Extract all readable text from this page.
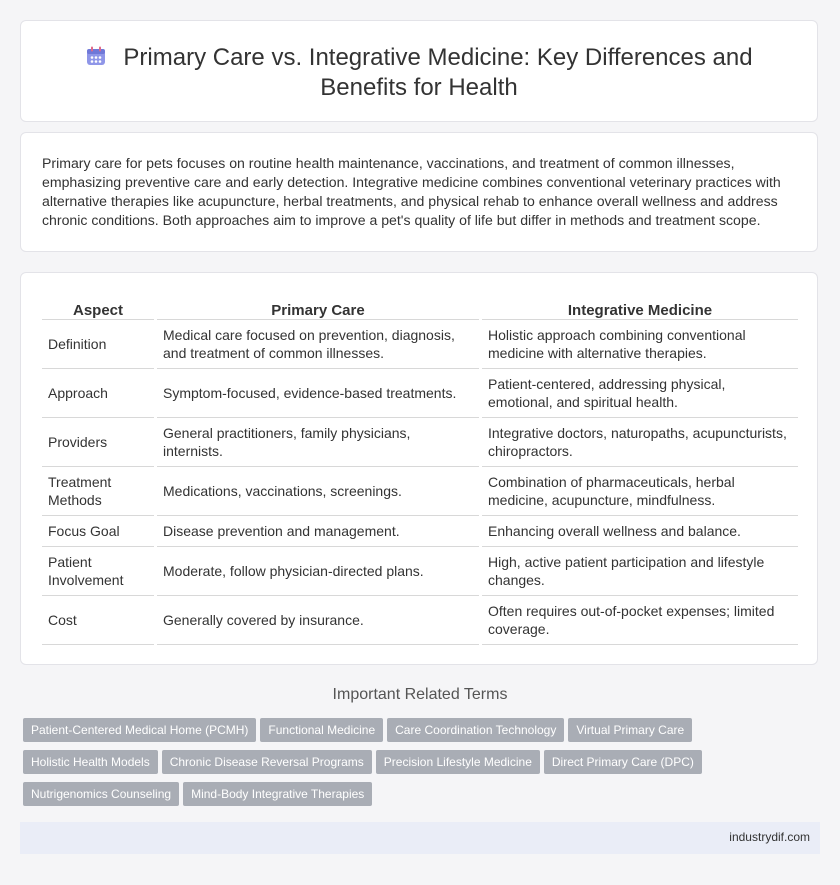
Primary Care vs. Integrative Medicine: Key Differences and Benefits for Health

Primary care for pets focuses on routine health maintenance, vaccinations, and treatment of common illnesses, emphasizing preventive care and early detection. Integrative medicine combines conventional veterinary practices with alternative therapies like acupuncture, herbal treatments, and physical rehab to enhance overall wellness and address chronic conditions. Both approaches aim to improve a pet's quality of life but differ in methods and treatment scope.

Aspect		Primary Care		Integrative Medicine
Definition		Medical care focused on prevention, diagnosis, and treatment of common illnesses.		Holistic approach combining conventional medicine with alternative therapies.
Approach		Symptom-focused, evidence-based treatments.		Patient-centered, addressing physical, emotional, and spiritual health.
Providers		General practitioners, family physicians, internists.		Integrative doctors, naturopaths, acupuncturists, chiropractors.
Treatment Methods		Medications, vaccinations, screenings.		Combination of pharmaceuticals, herbal medicine, acupuncture, mindfulness.
Focus Goal		Disease prevention and management.		Enhancing overall wellness and balance.
Patient Involvement		Moderate, follow physician-directed plans.		High, active patient participation and lifestyle changes.
Cost		Generally covered by insurance.		Often requires out-of-pocket expenses; limited coverage.
Important Related Terms
Patient-Centered Medical Home (PCMH) Functional Medicine Care Coordination Technology Virtual Primary Care
Holistic Health Models Chronic Disease Reversal Programs Precision Lifestyle Medicine Direct Primary Care (DPC)
Nutrigenomics Counseling Mind-Body Integrative Therapies
industrydif.com
